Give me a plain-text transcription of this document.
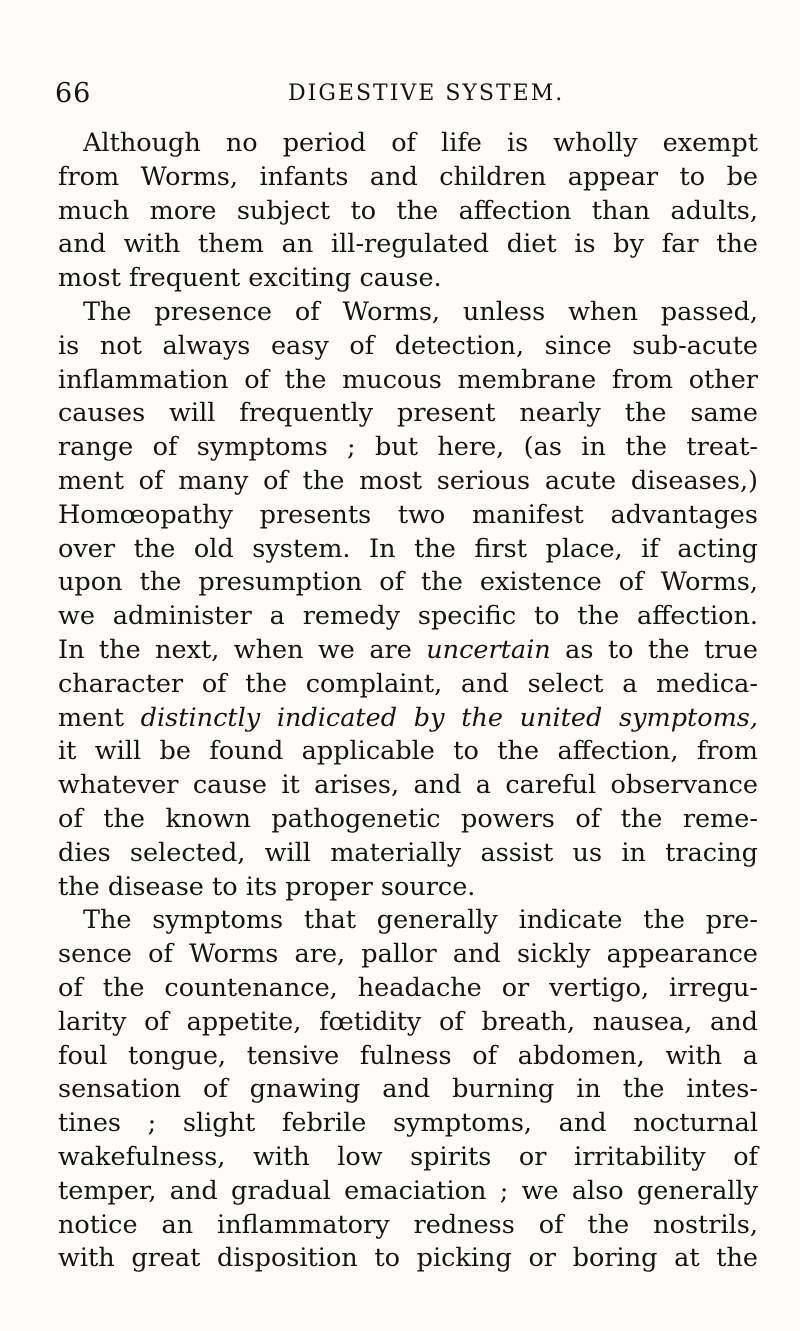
66	DIGESTIVE SYSTEM.
Although no period of life is wholly exempt
from Worms, infants and children appear to be
much more subject to the affection than adults,
and with them an ill-regulated diet is by far the
most frequent exciting cause.
The presence of Worms, unless when passed,
is not always easy of detection, since sub-acute
inflammation of the mucous membrane from other
causes will frequently present nearly the same
range of symptoms ; but here, (as in the treat-
ment of many of the most serious acute diseases,)
Homœopathy presents two manifest advantages
over the old system. In the first place, if acting
upon the presumption of the existence of Worms,
we administer a remedy specific to the affection.
In the next, when we are uncertain as to the true
character of the complaint, and select a medica-
ment distinctly indicated by the united symptoms,
it will be found applicable to the affection, from
whatever cause it arises, and a careful observance
of the known pathogenetic powers of the reme-
dies selected, will materially assist us in tracing
the disease to its proper source.
The symptoms that generally indicate the pre-
sence of Worms are, pallor and sickly appearance
of the countenance, headache or vertigo, irregu-
larity of appetite, fœtidity of breath, nausea, and
foul tongue, tensive fulness of abdomen, with a
sensation of gnawing and burning in the intes-
tines ; slight febrile symptoms, and nocturnal
wakefulness, with low spirits or irritability of
temper, and gradual emaciation ; we also generally
notice an inflammatory redness of the nostrils,
with great disposition to picking or boring at the
